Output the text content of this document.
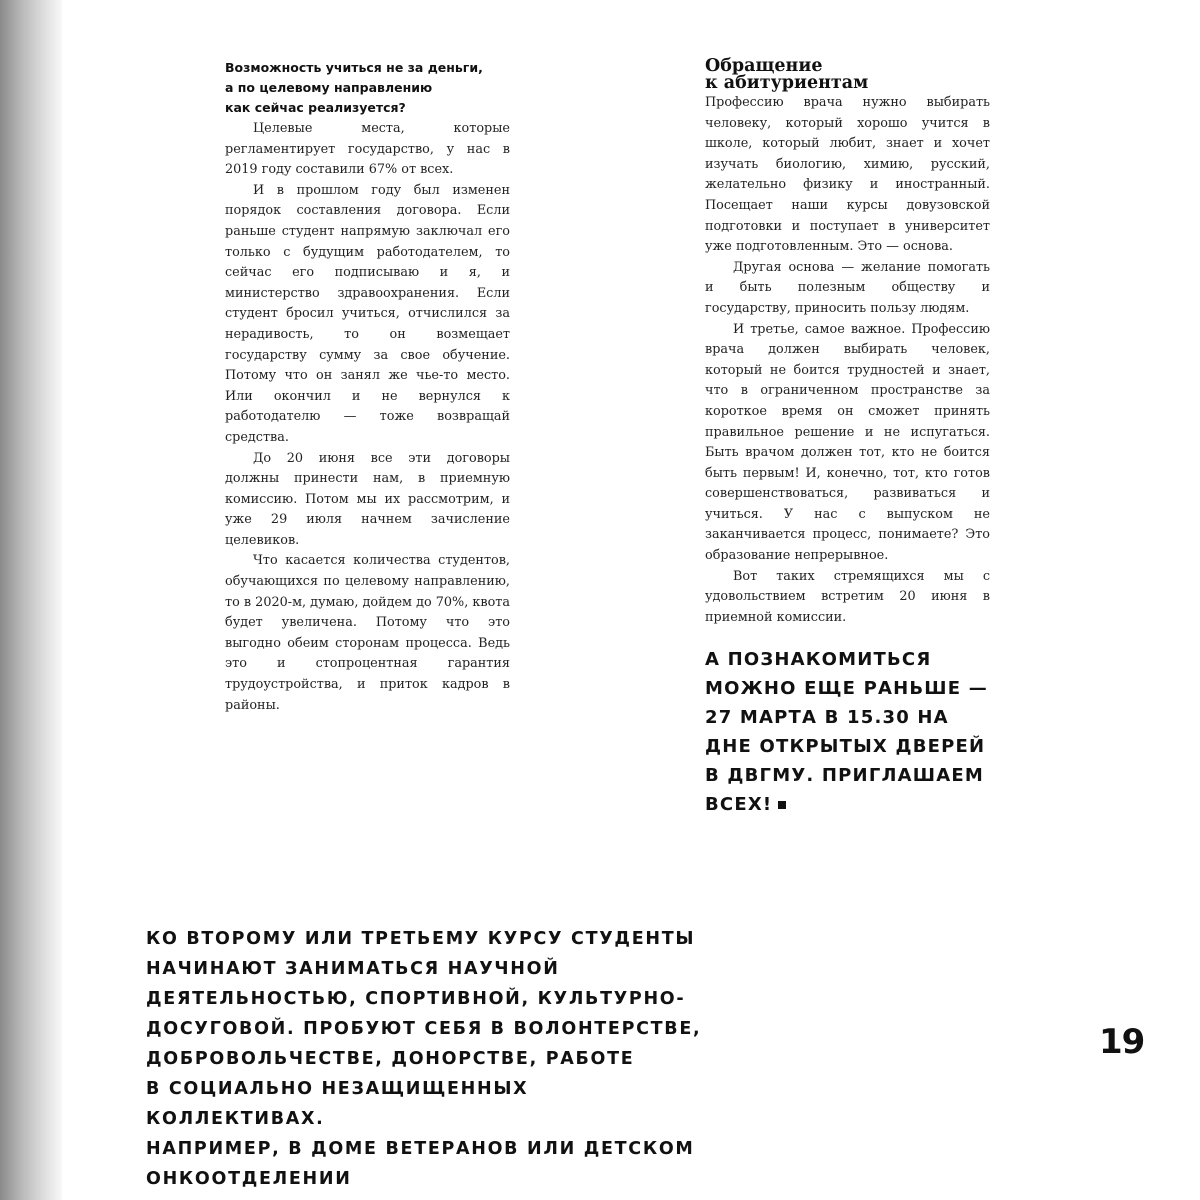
Возможность учиться не за деньги,
а по целевому направлению
как сейчас реализуется?

Целевые места, которые регламентирует государство, у нас в 2019 году составили 67% от всех.

И в прошлом году был изменен порядок составления договора. Если раньше студент напрямую заключал его только с будущим работодателем, то сейчас его подписываю и я, и министерство здравоохранения. Если студент бросил учиться, отчислился за нерадивость, то он возмещает государству сумму за свое обучение. Потому что он занял же чье-то место. Или окончил и не вернулся к работодателю — тоже возвращай средства.

До 20 июня все эти договоры должны принести нам, в приемную комиссию. Потом мы их рассмотрим, и уже 29 июля начнем зачисление целевиков.

Что касается количества студентов, обучающихся по целевому направлению, то в 2020-м, думаю, дойдем до 70%, квота будет увеличена. Потому что это выгодно обеим сторонам процесса. Ведь это и стопроцентная гарантия трудоустройства, и приток кадров в районы.

Обращение
к абитуриентам

Профессию врача нужно выбирать человеку, который хорошо учится в школе, который любит, знает и хочет изучать биологию, химию, русский, желательно физику и иностранный. Посещает наши курсы довузовской подготовки и поступает в университет уже подготовленным. Это — основа.

Другая основа — желание помогать и быть полезным обществу и государству, приносить пользу людям.

И третье, самое важное. Профессию врача должен выбирать человек, который не боится трудностей и знает, что в ограниченном пространстве за короткое время он сможет принять правильное решение и не испугаться. Быть врачом должен тот, кто не боится быть первым! И, конечно, тот, кто готов совершенствоваться, развиваться и учиться. У нас с выпуском не заканчивается процесс, понимаете? Это образование непрерывное.

Вот таких стремящихся мы с удовольствием встретим 20 июня в приемной комиссии.

А ПОЗНАКОМИТЬСЯ
МОЖНО ЕЩЕ РАНЬШЕ —
27 МАРТА В 15.30 НА
ДНЕ ОТКРЫТЫХ ДВЕРЕЙ
В ДВГМУ. ПРИГЛАШАЕМ
ВСЕХ!
КО ВТОРОМУ ИЛИ ТРЕТЬЕМУ КУРСУ СТУДЕНТЫ
НАЧИНАЮТ ЗАНИМАТЬСЯ НАУЧНОЙ
ДЕЯТЕЛЬНОСТЬЮ, СПОРТИВНОЙ, КУЛЬТУРНО-
ДОСУГОВОЙ. ПРОБУЮТ СЕБЯ В ВОЛОНТЕРСТВЕ,
ДОБРОВОЛЬЧЕСТВЕ, ДОНОРСТВЕ, РАБОТЕ
В СОЦИАЛЬНО НЕЗАЩИЩЕННЫХ КОЛЛЕКТИВАХ.
НАПРИМЕР, В ДОМЕ ВЕТЕРАНОВ ИЛИ ДЕТСКОМ
ОНКООТДЕЛЕНИИ
19
